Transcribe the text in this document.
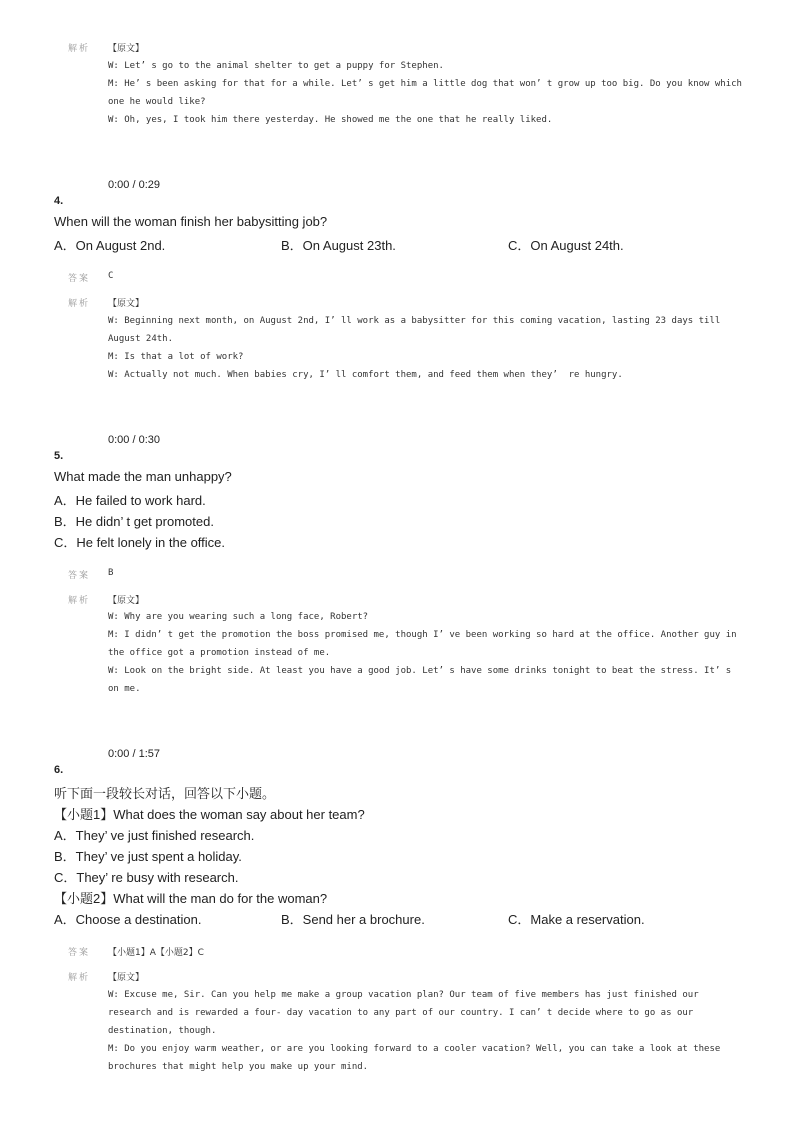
解析 【原文】
W: Let’ s go to the animal shelter to get a puppy for Stephen.
M: He’ s been asking for that for a while. Let’ s get him a little dog that won’ t grow up too big. Do you know which
one he would like?
W: Oh, yes, I took him there yesterday. He showed me the one that he really liked.
0:00 / 0:29
4.
When will the woman finish her babysitting job?
A．On August 2nd.	B．On August 23th.	C．On August 24th.
答案 C
解析 【原文】
W: Beginning next month, on August 2nd, I’ ll work as a babysitter for this coming vacation, lasting 23 days till
August 24th.
M: Is that a lot of work?
W: Actually not much. When babies cry, I’ ll comfort them, and feed them when they’  re hungry.
0:00 / 0:30
5.
What made the man unhappy?
A．He failed to work hard.
B．He didn’ t get promoted.
C．He felt lonely in the office.
答案 B
解析 【原文】
W: Why are you wearing such a long face, Robert?
M: I didn’ t get the promotion the boss promised me, though I’ ve been working so hard at the office. Another guy in
the office got a promotion instead of me.
W: Look on the bright side. At least you have a good job. Let’ s have some drinks tonight to beat the stress. It’ s
on me.
0:00 / 1:57
6.
听下面一段较长对话，回答以下小题。
【小题1】What does the woman say about her team?
A．They’ ve just finished research.
B．They’ ve just spent a holiday.
C．They’ re busy with research.
【小题2】What will the man do for the woman?
A．Choose a destination.	B．Send her a brochure.	C．Make a reservation.
答案 【小题1】A【小题2】C
解析 【原文】
W: Excuse me, Sir. Can you help me make a group vacation plan? Our team of five members has just finished our
research and is rewarded a four- day vacation to any part of our country. I can’ t decide where to go as our
destination, though.
M: Do you enjoy warm weather, or are you looking forward to a cooler vacation? Well, you can take a look at these
brochures that might help you make up your mind.
